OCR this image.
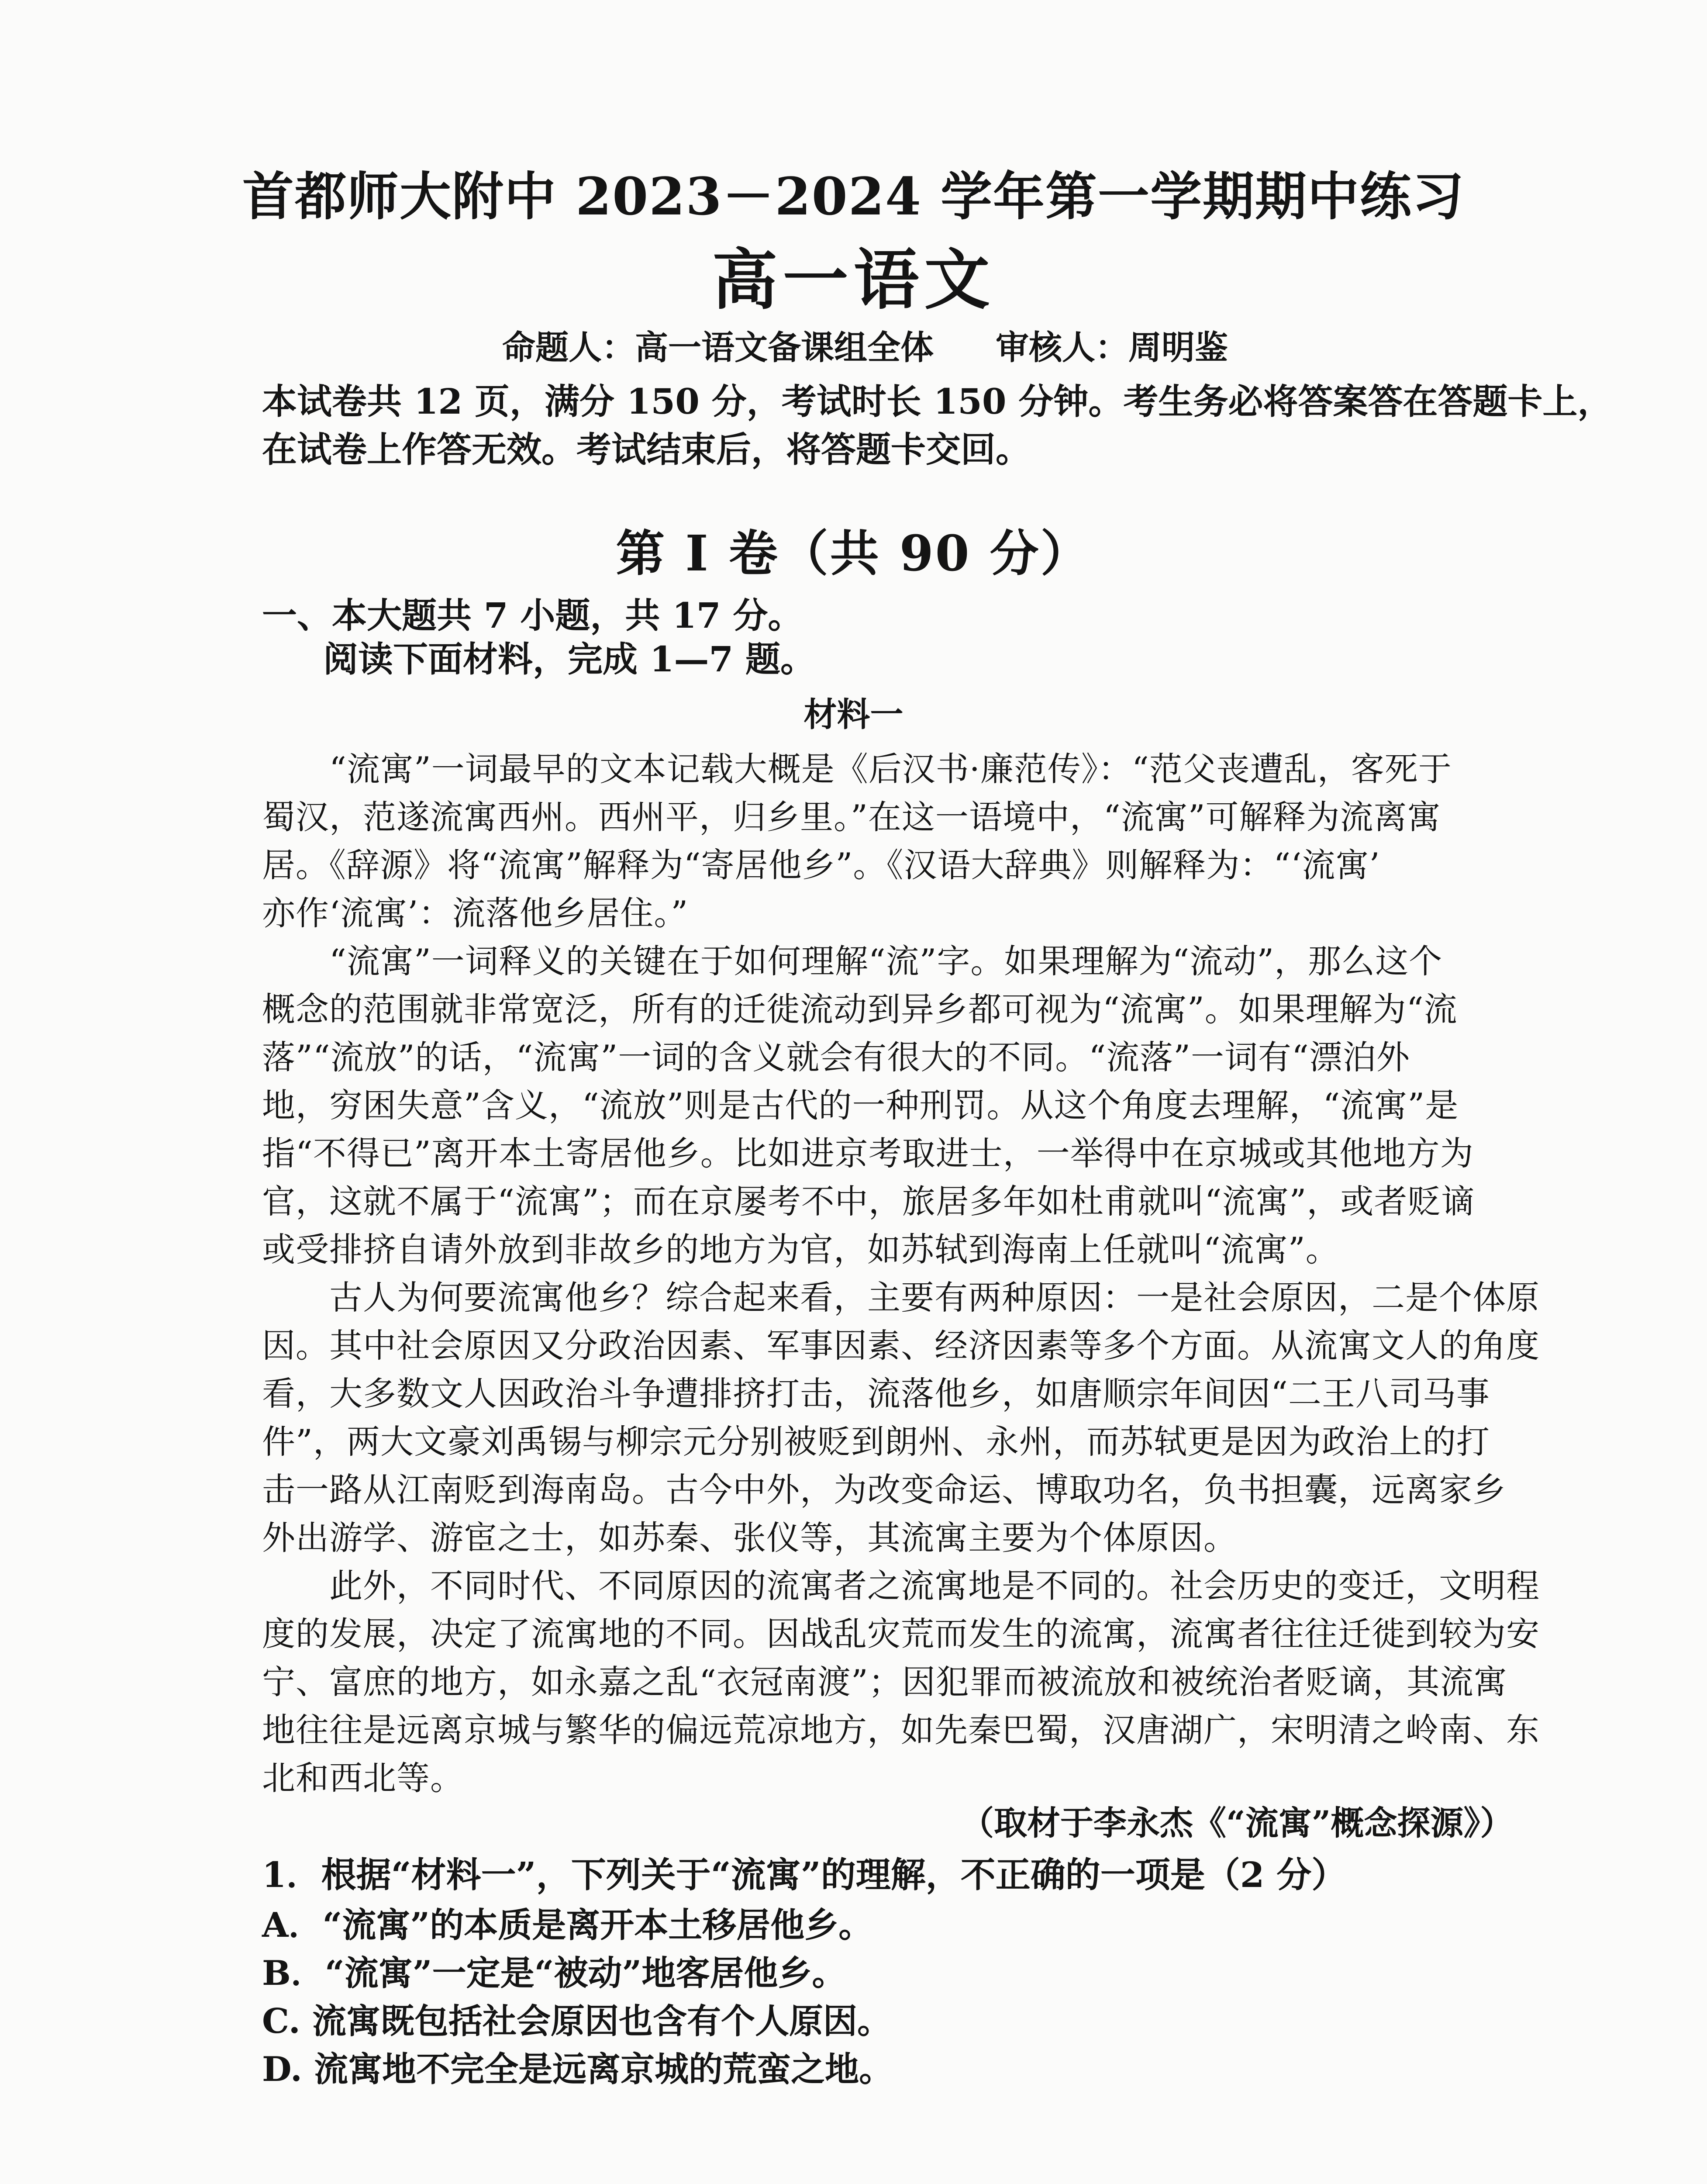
首都师大附中 2023－2024 学年第一学期期中练习
高一语文
命题人：高一语文备课组全体 审核人：周明鉴
本试卷共 12 页，满分 150 分，考试时长 150 分钟。考生务必将答案答在答题卡上，
在试卷上作答无效。考试结束后，将答题卡交回。
第 I 卷（共 90 分）
一、本大题共 7 小题，共 17 分。
阅读下面材料，完成 1—7 题。
材料一
　　“流寓”一词最早的文本记载大概是《后汉书·廉范传》：“范父丧遭乱，客死于
蜀汉，范遂流寓西州。西州平，归乡里。”在这一语境中，“流寓”可解释为流离寓
居。《辞源》将“流寓”解释为“寄居他乡”。《汉语大辞典》则解释为：“‘流寓’
亦作‘流寓’：流落他乡居住。”
　　“流寓”一词释义的关键在于如何理解“流”字。如果理解为“流动”，那么这个
概念的范围就非常宽泛，所有的迁徙流动到异乡都可视为“流寓”。如果理解为“流
落”“流放”的话，“流寓”一词的含义就会有很大的不同。“流落”一词有“漂泊外
地，穷困失意”含义，“流放”则是古代的一种刑罚。从这个角度去理解，“流寓”是
指“不得已”离开本土寄居他乡。比如进京考取进士，一举得中在京城或其他地方为
官，这就不属于“流寓”；而在京屡考不中，旅居多年如杜甫就叫“流寓”，或者贬谪
或受排挤自请外放到非故乡的地方为官，如苏轼到海南上任就叫“流寓”。
　　古人为何要流寓他乡？综合起来看，主要有两种原因：一是社会原因，二是个体原
因。其中社会原因又分政治因素、军事因素、经济因素等多个方面。从流寓文人的角度
看，大多数文人因政治斗争遭排挤打击，流落他乡，如唐顺宗年间因“二王八司马事
件”，两大文豪刘禹锡与柳宗元分别被贬到朗州、永州，而苏轼更是因为政治上的打
击一路从江南贬到海南岛。古今中外，为改变命运、博取功名，负书担囊，远离家乡
外出游学、游宦之士，如苏秦、张仪等，其流寓主要为个体原因。
　　此外，不同时代、不同原因的流寓者之流寓地是不同的。社会历史的变迁，文明程
度的发展，决定了流寓地的不同。因战乱灾荒而发生的流寓，流寓者往往迁徙到较为安
宁、富庶的地方，如永嘉之乱“衣冠南渡”；因犯罪而被流放和被统治者贬谪，其流寓
地往往是远离京城与繁华的偏远荒凉地方，如先秦巴蜀，汉唐湖广，宋明清之岭南、东
北和西北等。
（取材于李永杰《“流寓”概念探源》）
1．根据“材料一”，下列关于“流寓”的理解，不正确的一项是（2 分）
A．“流寓”的本质是离开本土移居他乡。
B．“流寓”一定是“被动”地客居他乡。
C. 流寓既包括社会原因也含有个人原因。
D. 流寓地不完全是远离京城的荒蛮之地。
